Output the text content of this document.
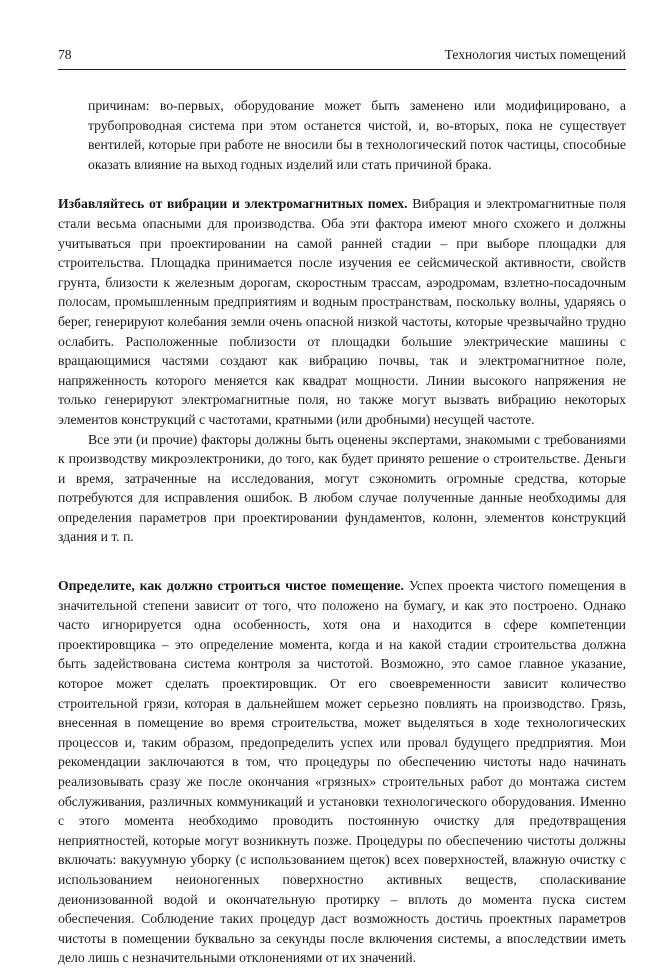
78	Технология чистых помещений

причинам: во-первых, оборудование может быть заменено или модифицировано, а трубопроводная система при этом останется чистой, и, во-вторых, пока не существует вентилей, которые при работе не вносили бы в технологический поток частицы, способные оказать влияние на выход годных изделий или стать причиной брака.

Избавляйтесь от вибрации и электромагнитных помех. Вибрация и электромагнитные поля стали весьма опасными для производства. Оба эти фактора имеют много схожего и должны учитываться при проектировании на самой ранней стадии – при выборе площадки для строительства. Площадка принимается после изучения ее сейсмической активности, свойств грунта, близости к железным дорогам, скоростным трассам, аэродромам, взлетно-посадочным полосам, промышленным предприятиям и водным пространствам, поскольку волны, ударяясь о берег, генерируют колебания земли очень опасной низкой частоты, которые чрезвычайно трудно ослабить. Расположенные поблизости от площадки большие электрические машины с вращающимися частями создают как вибрацию почвы, так и электромагнитное поле, напряженность которого меняется как квадрат мощности. Линии высокого напряжения не только генерируют электромагнитные поля, но также могут вызвать вибрацию некоторых элементов конструкций с частотами, кратными (или дробными) несущей частоте.

Все эти (и прочие) факторы должны быть оценены экспертами, знакомыми с требованиями к производству микроэлектроники, до того, как будет принято решение о строительстве. Деньги и время, затраченные на исследования, могут сэкономить огромные средства, которые потребуются для исправления ошибок. В любом случае полученные данные необходимы для определения параметров при проектировании фундаментов, колонн, элементов конструкций здания и т. п.

Определите, как должно строиться чистое помещение. Успех проекта чистого помещения в значительной степени зависит от того, что положено на бумагу, и как это построено. Однако часто игнорируется одна особенность, хотя она и находится в сфере компетенции проектировщика – это определение момента, когда и на какой стадии строительства должна быть задействована система контроля за чистотой. Возможно, это самое главное указание, которое может сделать проектировщик. От его своевременности зависит количество строительной грязи, которая в дальнейшем может серьезно повлиять на производство. Грязь, внесенная в помещение во время строительства, может выделяться в ходе технологических процессов и, таким образом, предопределить успех или провал будущего предприятия. Мои рекомендации заключаются в том, что процедуры по обеспечению чистоты надо начинать реализовывать сразу же после окончания «грязных» строительных работ до монтажа систем обслуживания, различных коммуникаций и установки технологического оборудования. Именно с этого момента необходимо проводить постоянную очистку для предотвращения неприятностей, которые могут возникнуть позже. Процедуры по обеспечению чистоты должны включать: вакуумную уборку (с использованием щеток) всех поверхностей, влажную очистку с использованием неионогенных поверхностно активных веществ, споласкивание деионизованной водой и окончательную протирку – вплоть до момента пуска систем обеспечения. Соблюдение таких процедур даст возможность достичь проектных параметров чистоты в помещении буквально за секунды после включения системы, а впоследствии иметь дело лишь с незначительными отклонениями от их значений.
